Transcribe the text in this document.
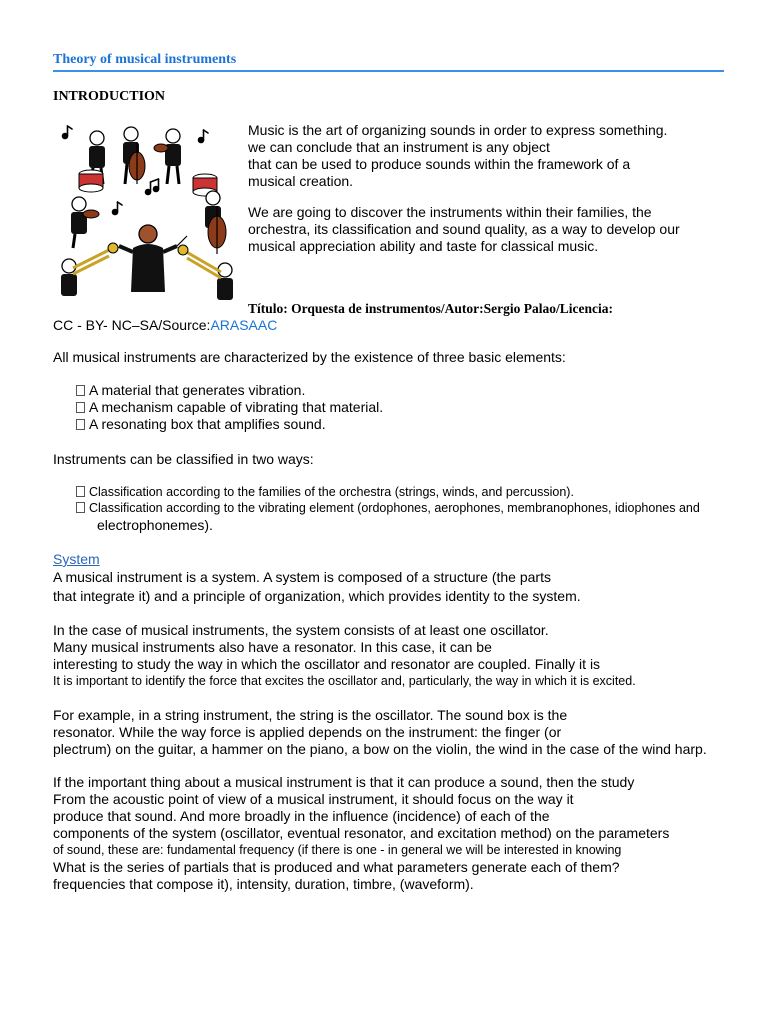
Theory of musical instruments
INTRODUCTION

Music is the art of organizing sounds in order to express something.

we can conclude that an instrument is any object

that can be used to produce sounds within the framework of a

musical creation.

We are going to discover the instruments within their families, the

orchestra, its classification and sound quality, as a way to develop our

musical appreciation ability and taste for classical music.

Título: Orquesta de instrumentos/Autor:Sergio Palao/Licencia:
CC - BY- NC–SA/Source:ARASAAC
All musical instruments are characterized by the existence of three basic elements:
A material that generates vibration.
A mechanism capable of vibrating that material.
A resonating box that amplifies sound.
Instruments can be classified in two ways:
Classification according to the families of the orchestra (strings, winds, and percussion).
Classification according to the vibrating element (ordophones, aerophones, membranophones, idiophones and
electrophonemes).
System
A musical instrument is a system. A system is composed of a structure (the parts
that integrate it) and a principle of organization, which provides identity to the system.
In the case of musical instruments, the system consists of at least one oscillator.
Many musical instruments also have a resonator. In this case, it can be
interesting to study the way in which the oscillator and resonator are coupled. Finally it is
It is important to identify the force that excites the oscillator and, particularly, the way in which it is excited.
For example, in a string instrument, the string is the oscillator. The sound box is the
resonator. While the way force is applied depends on the instrument: the finger (or
plectrum) on the guitar, a hammer on the piano, a bow on the violin, the wind in the case of the wind harp.
If the important thing about a musical instrument is that it can produce a sound, then the study
From the acoustic point of view of a musical instrument, it should focus on the way it
produce that sound. And more broadly in the influence (incidence) of each of the
components of the system (oscillator, eventual resonator, and excitation method) on the parameters
of sound, these are: fundamental frequency (if there is one - in general we will be interested in knowing
What is the series of partials that is produced and what parameters generate each of them?
frequencies that compose it), intensity, duration, timbre, (waveform).
